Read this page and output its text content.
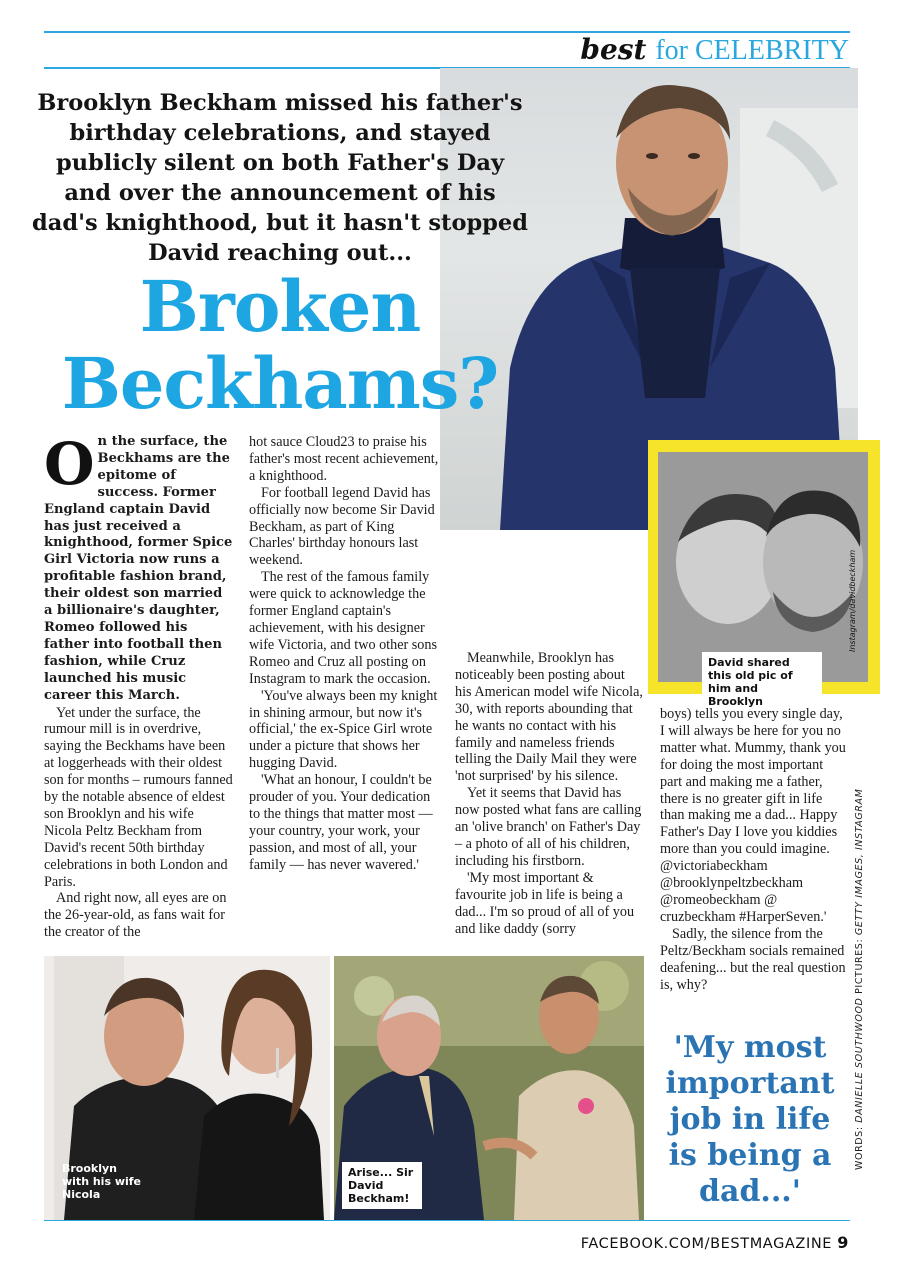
best for CELEBRITY
Brooklyn Beckham missed his father's birthday celebrations, and stayed publicly silent on both Father's Day and over the announcement of his dad's knighthood, but it hasn't stopped David reaching out...
Broken
Beckhams?
Instagram/davidbeckham
David shared this old pic of him and Brooklyn

On the surface, the Beckhams are the epitome of success. Former England captain David has just received a knighthood, former Spice Girl Victoria now runs a profitable fashion brand, their oldest son married a billionaire's daughter, Romeo followed his father into football then fashion, while Cruz launched his music career this March.

Yet under the surface, the rumour mill is in overdrive, saying the Beckhams have been at loggerheads with their oldest son for months – rumours fanned by the notable absence of eldest son Brooklyn and his wife Nicola Peltz Beckham from David's recent 50th birthday celebrations in both London and Paris.

And right now, all eyes are on the 26-year-old, as fans wait for the creator of the

hot sauce Cloud23 to praise his father's most recent achievement, a knighthood.

For football legend David has officially now become Sir David Beckham, as part of King Charles' birthday honours last weekend.

The rest of the famous family were quick to acknowledge the former England captain's achievement, with his designer wife Victoria, and two other sons Romeo and Cruz all posting on Instagram to mark the occasion.

'You've always been my knight in shining armour, but now it's official,' the ex-Spice Girl wrote under a picture that shows her hugging David.

'What an honour, I couldn't be prouder of you. Your dedication to the things that matter most — your country, your work, your passion, and most of all, your family — has never wavered.'

Meanwhile, Brooklyn has noticeably been posting about his American model wife Nicola, 30, with reports abounding that he wants no contact with his family and nameless friends telling the Daily Mail they were 'not surprised' by his silence.

Yet it seems that David has now posted what fans are calling an 'olive branch' on Father's Day – a photo of all of his children, including his firstborn.

'My most important & favourite job in life is being a dad... I'm so proud of all of you and like daddy (sorry

boys) tells you every single day, I will always be here for you no matter what. Mummy, thank you for doing the most important part and making me a father, there is no greater gift in life than making me a dad... Happy Father's Day I love you kiddies more than you could imagine. @victoriabeckham @brooklynpeltzbeckham @romeobeckham @ cruzbeckham #HarperSeven.'

Sadly, the silence from the Peltz/Beckham socials remained deafening... but the real question is, why?

'My most important job in life is being a dad...'
WORDS: DANIELLE SOUTHWOOD PICTURES: GETTY IMAGES, INSTAGRAM
Brooklyn with his wife Nicola
Arise... Sir David Beckham!
FACEBOOK.COM/BESTMAGAZINE 9
